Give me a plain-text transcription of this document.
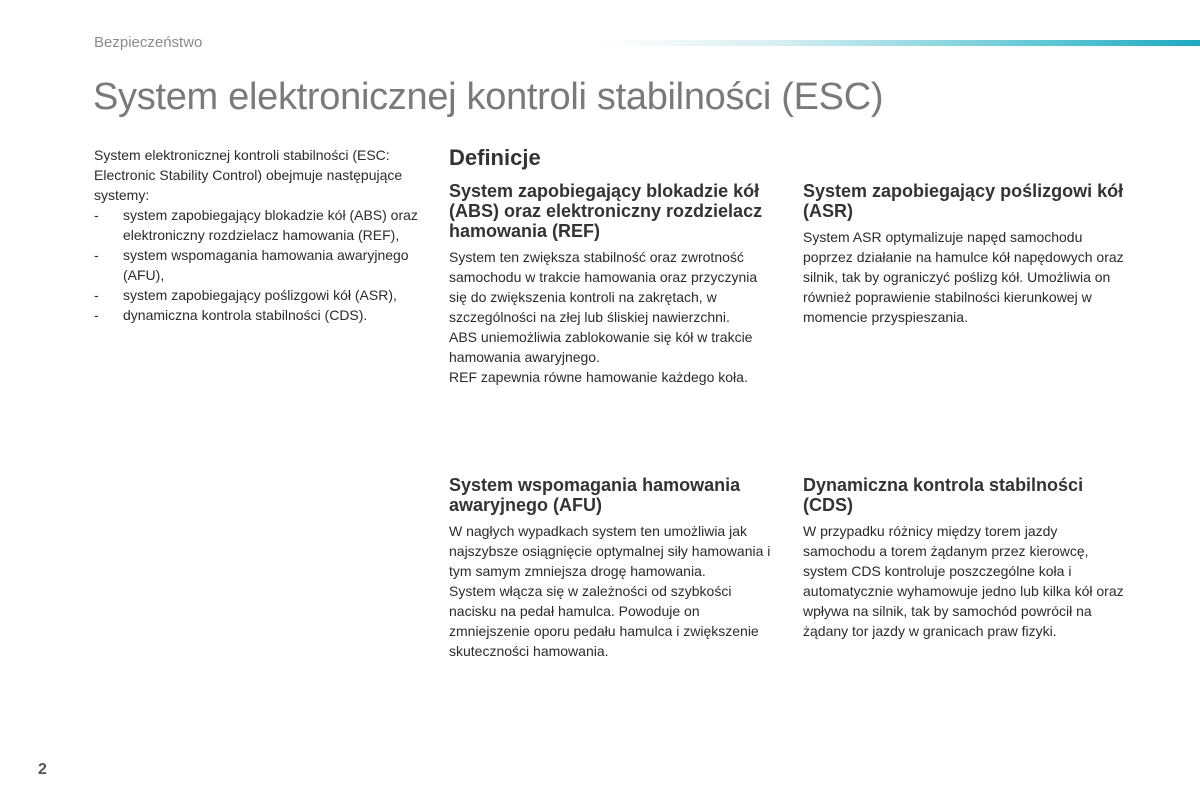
Bezpieczeństwo
System elektronicznej kontroli stabilności (ESC)
System elektronicznej kontroli stabilności (ESC: Electronic Stability Control) obejmuje następujące systemy:
- system zapobiegający blokadzie kół (ABS) oraz elektroniczny rozdzielacz hamowania (REF),
- system wspomagania hamowania awaryjnego (AFU),
- system zapobiegający poślizgowi kół (ASR),
- dynamiczna kontrola stabilności (CDS).
Definicje
System zapobiegający blokadzie kół (ABS) oraz elektroniczny rozdzielacz hamowania (REF)

System ten zwiększa stabilność oraz zwrotność samochodu w trakcie hamowania oraz przyczynia się do zwiększenia kontroli na zakrętach, w szczególności na złej lub śliskiej nawierzchni.

ABS uniemożliwia zablokowanie się kół w trakcie hamowania awaryjnego.

REF zapewnia równe hamowanie każdego koła.

System zapobiegający poślizgowi kół (ASR)

System ASR optymalizuje napęd samochodu poprzez działanie na hamulce kół napędowych oraz silnik, tak by ograniczyć poślizg kół. Umożliwia on również poprawienie stabilności kierunkowej w momencie przyspieszania.

System wspomagania hamowania awaryjnego (AFU)

W nagłych wypadkach system ten umożliwia jak najszybsze osiągnięcie optymalnej siły hamowania i tym samym zmniejsza drogę hamowania.

System włącza się w zależności od szybkości nacisku na pedał hamulca. Powoduje on zmniejszenie oporu pedału hamulca i zwiększenie skuteczności hamowania.

Dynamiczna kontrola stabilności (CDS)

W przypadku różnicy między torem jazdy samochodu a torem żądanym przez kierowcę, system CDS kontroluje poszczególne koła i automatycznie wyhamowuje jedno lub kilka kół oraz wpływa na silnik, tak by samochód powrócił na żądany tor jazdy w granicach praw fizyki.

2
